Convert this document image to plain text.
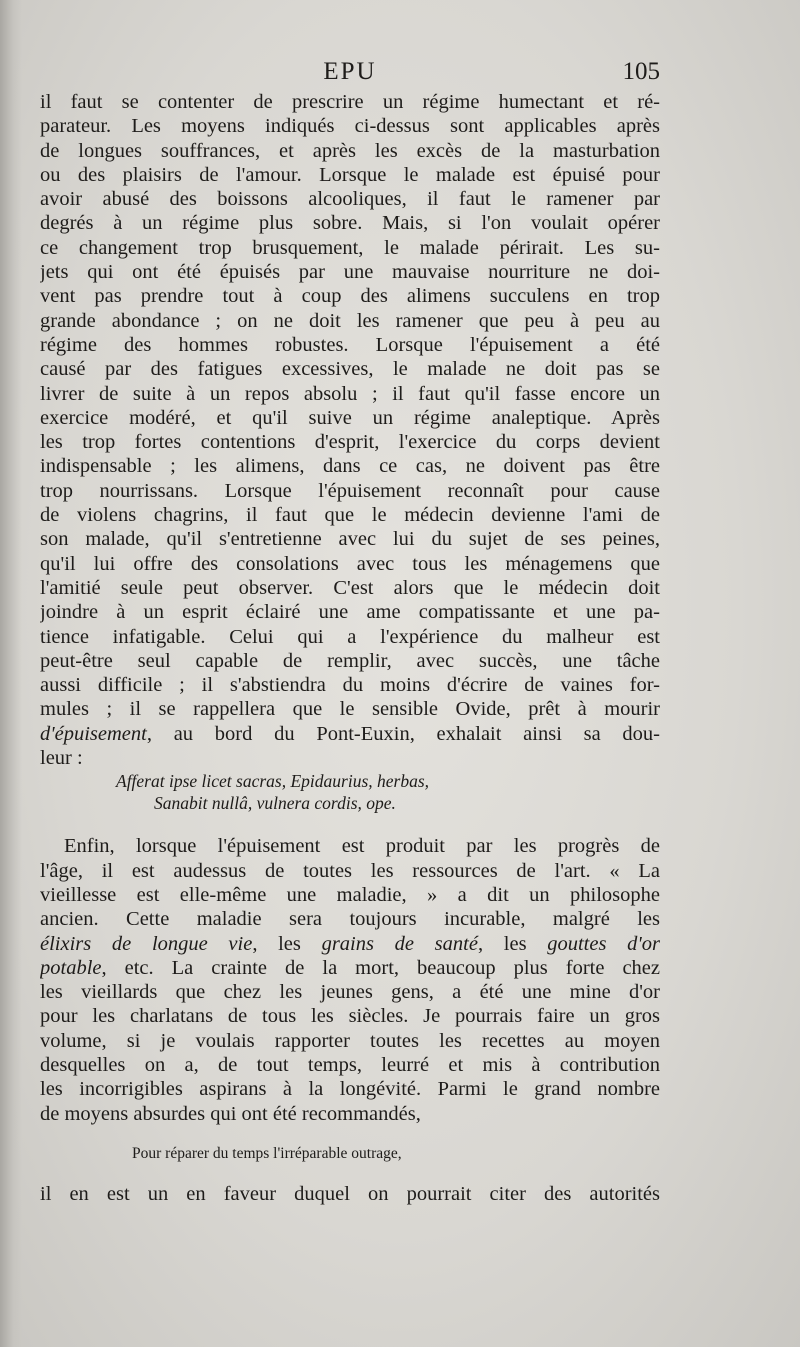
EPU	105
il faut se contenter de prescrire un régime humectant et ré-
parateur. Les moyens indiqués ci-dessus sont applicables après
de longues souffrances, et après les excès de la masturbation
ou des plaisirs de l'amour. Lorsque le malade est épuisé pour
avoir abusé des boissons alcooliques, il faut le ramener par
degrés à un régime plus sobre. Mais, si l'on voulait opérer
ce changement trop brusquement, le malade périrait. Les su-
jets qui ont été épuisés par une mauvaise nourriture ne doi-
vent pas prendre tout à coup des alimens succulens en trop
grande abondance ; on ne doit les ramener que peu à peu au
régime des hommes robustes. Lorsque l'épuisement a été
causé par des fatigues excessives, le malade ne doit pas se
livrer de suite à un repos absolu ; il faut qu'il fasse encore un
exercice modéré, et qu'il suive un régime analeptique. Après
les trop fortes contentions d'esprit, l'exercice du corps devient
indispensable ; les alimens, dans ce cas, ne doivent pas être
trop nourrissans. Lorsque l'épuisement reconnaît pour cause
de violens chagrins, il faut que le médecin devienne l'ami de
son malade, qu'il s'entretienne avec lui du sujet de ses peines,
qu'il lui offre des consolations avec tous les ménagemens que
l'amitié seule peut observer. C'est alors que le médecin doit
joindre à un esprit éclairé une ame compatissante et une pa-
tience infatigable. Celui qui a l'expérience du malheur est
peut-être seul capable de remplir, avec succès, une tâche
aussi difficile ; il s'abstiendra du moins d'écrire de vaines for-
mules ; il se rappellera que le sensible Ovide, prêt à mourir
d'épuisement, au bord du Pont-Euxin, exhalait ainsi sa dou-
leur :
Afferat ipse licet sacras, Epidaurius, herbas,
Sanabit nullâ, vulnera cordis, ope.
Enfin, lorsque l'épuisement est produit par les progrès de
l'âge, il est audessus de toutes les ressources de l'art. « La
vieillesse est elle-même une maladie, » a dit un philosophe
ancien. Cette maladie sera toujours incurable, malgré les
élixirs de longue vie, les grains de santé, les gouttes d'or
potable, etc. La crainte de la mort, beaucoup plus forte chez
les vieillards que chez les jeunes gens, a été une mine d'or
pour les charlatans de tous les siècles. Je pourrais faire un gros
volume, si je voulais rapporter toutes les recettes au moyen
desquelles on a, de tout temps, leurré et mis à contribution
les incorrigibles aspirans à la longévité. Parmi le grand nombre
de moyens absurdes qui ont été recommandés,
Pour réparer du temps l'irréparable outrage,
il en est un en faveur duquel on pourrait citer des autorités
